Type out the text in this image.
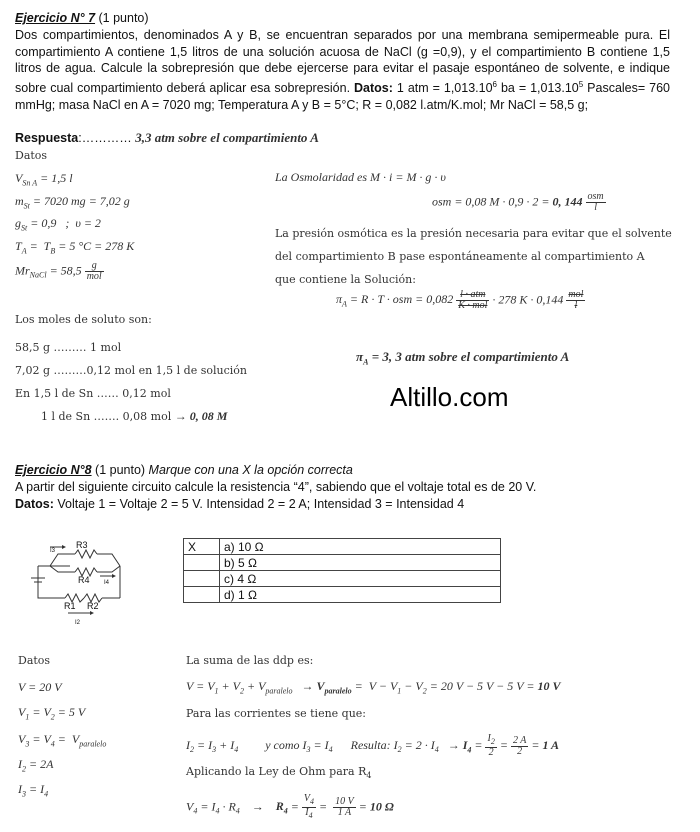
Ejercicio N° 7 (1 punto)
Dos compartimientos, denominados A y B, se encuentran separados por una membrana semipermeable pura. El compartimiento A contiene 1,5 litros de una solución acuosa de NaCl (g =0,9), y el compartimiento B contiene 1,5 litros de agua. Calcule la sobrepresión que debe ejercerse para evitar el pasaje espontáneo de solvente, e indique sobre cual compartimiento deberá aplicar esa sobrepresión. Datos: 1 atm = $1,013.10^6$ ba = $1,013.10^5$ Pascales= 760 mmHg; masa NaCl en A = 7020 mg; Temperatura A y B = 5°C; R = 0,082 l.atm/K.mol; Mr NaCl = 58,5 g;
Respuesta:………… 3,3 atm sobre el compartimiento A
Datos
$V_{Sn A} = 1,5$ l
$m_{St} = 7020$ mg = 7,02 g
$g_{St} = 0,9$   ;  υ = 2
$T_A = T_B = 5$ °C = 278 K
$Mr_{NaCl} = 58,5 \frac{g}{\text{mol}}$
La Osmolaridad es M · i = M · g · υ
osm = 0,08 M · 0,9 · 2 = 0, $144 \frac{\text{osm}}{l}$
La presión osmótica es la presión necesaria para evitar que el solvente
del compartimiento B pase espontáneamente al compartimiento A
que contiene la Solución:
$\pi_A = R \cdot T$ · osm = $0,082 \frac{\text{l · atm}}{\text{K · mol}} \cdot 278$ $K \cdot 0,144 \frac{\text{mol}}{l}$
$\pi_A = 3$, 3 atm sobre el compartimiento A
Los moles de soluto son:
58,5 g ……… 1 mol
7,02 g ………0,12 mol en 1,5 l de solución
En 1,5 l de Sn …… 0,12 mol
1 l de Sn ……. 0,08 mol → 0, 08 M
Altillo.com
Ejercicio N°8 (1 punto) Marque con una X la opción correcta
A partir del siguiente circuito calcule la resistencia “4”, sabiendo que el voltaje total es de 20 V.
Datos: Voltaje 1 = Voltaje 2 = 5 V. Intensidad 2 = 2 A; Intensidad 3 = Intensidad 4
R3
R4
R1 R2
I3
I4
I2
X	a) 10 Ω
	b) 5 Ω
	c) 4 Ω
	d) 1 Ω
Datos
V = 20 V
$V_1 = V_2 = 5$ V
$V_3 = V_4 = V_{paralelo}$
$I_2 = 2A$
$I_3 = I_4$
La suma de las ddp es:
$V = V_1 + V_2 + V_{paralelo} \to V_{paralelo} = V - V_1 - V_2 = 20$ V − 5 V − 5 V = 10 V
Para las corrientes se tiene que:
$I_2 = I_3 + I_4$         y como $I_3 = I_4$      Resulta: $I_2 = 2 \cdot I_4 \to I_4 = \frac{I_2}{2} = \frac{2 A}{2} = 1$ A
Aplicando la Ley de Ohm para $R_4$
$V_4 = I_4 \cdot R_4$    →    $R_4 = \frac{V_4}{I_4} = \frac{10 V}{1 A} = 10$ Ω
